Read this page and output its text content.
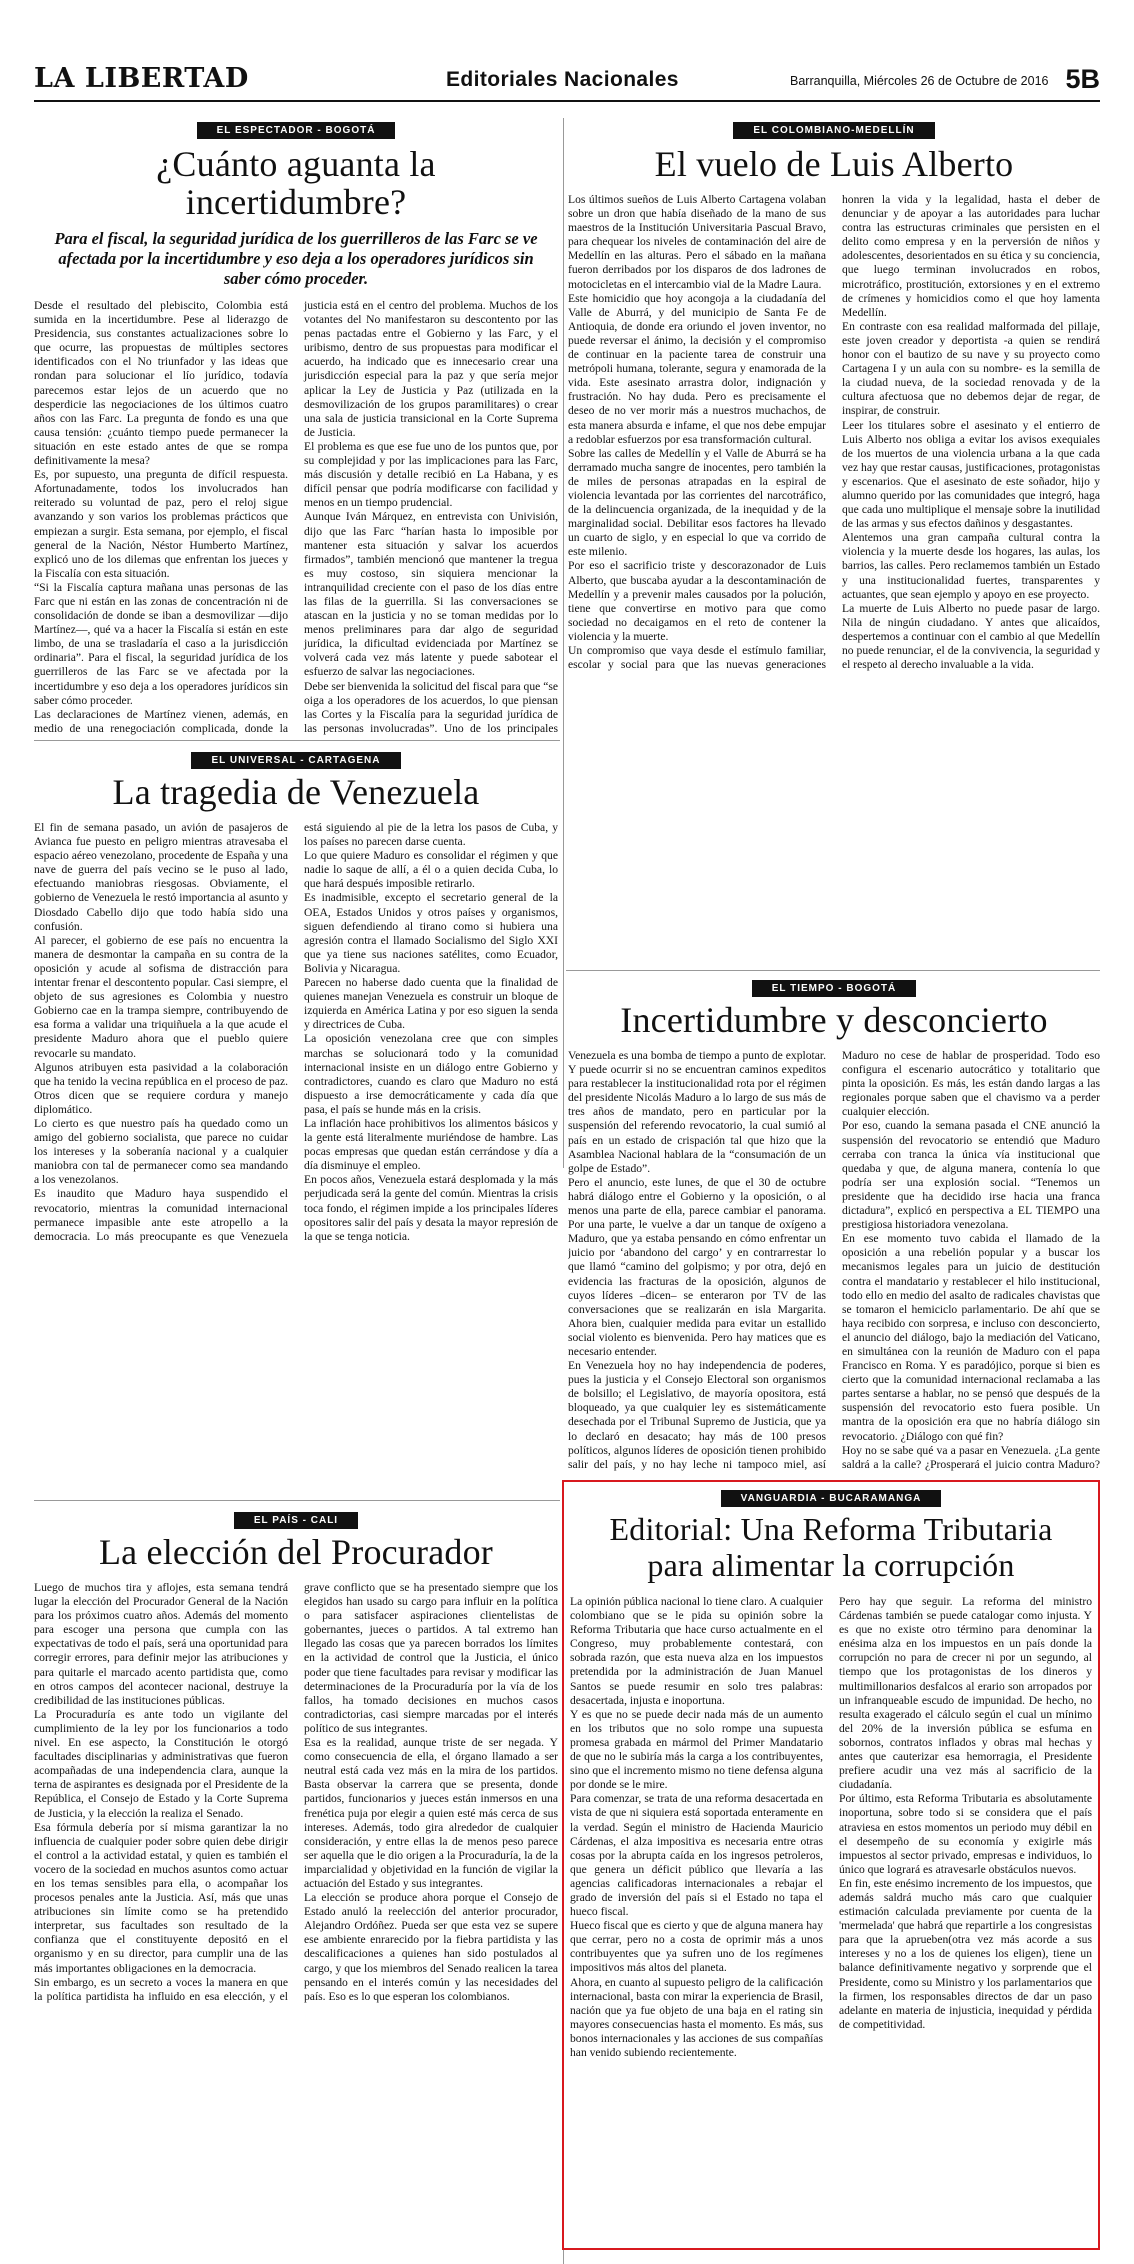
LA LIBERTAD	Editoriales Nacionales	Barranquilla, Miércoles 26 de Octubre de 2016 5B
EL ESPECTADOR - BOGOTÁ
¿Cuánto aguanta la incertidumbre?
Para el fiscal, la seguridad jurídica de los guerrilleros de las Farc se ve afectada por la incertidumbre y eso deja a los operadores jurídicos sin saber cómo proceder.

Desde el resultado del plebiscito, Colombia está sumida en la incertidumbre. Pese al liderazgo de Presidencia, sus constantes actualizaciones sobre lo que ocurre, las propuestas de múltiples sectores identificados con el No triunfador y las ideas que rondan para solucionar el lío jurídico, todavía parecemos estar lejos de un acuerdo que no desperdicie las negociaciones de los últimos cuatro años con las Farc. La pregunta de fondo es una que causa tensión: ¿cuánto tiempo puede permanecer la situación en este estado antes de que se rompa definitivamente la mesa?

Es, por supuesto, una pregunta de difícil respuesta. Afortunadamente, todos los involucrados han reiterado su voluntad de paz, pero el reloj sigue avanzando y son varios los problemas prácticos que empiezan a surgir. Esta semana, por ejemplo, el fiscal general de la Nación, Néstor Humberto Martínez, explicó uno de los dilemas que enfrentan los jueces y la Fiscalía con esta situación.

“Si la Fiscalía captura mañana unas personas de las Farc que ni están en las zonas de concentración ni de consolidación de donde se iban a desmovilizar —dijo Martínez—, qué va a hacer la Fiscalía si están en este limbo, de una se trasladaría el caso a la jurisdicción ordinaria”. Para el fiscal, la seguridad jurídica de los guerrilleros de las Farc se ve afectada por la incertidumbre y eso deja a los operadores jurídicos sin saber cómo proceder.

Las declaraciones de Martínez vienen, además, en medio de una renegociación complicada, donde la justicia está en el centro del problema. Muchos de los votantes del No manifestaron su descontento por las penas pactadas entre el Gobierno y las Farc, y el uribismo, dentro de sus propuestas para modificar el acuerdo, ha indicado que es innecesario crear una jurisdicción especial para la paz y que sería mejor aplicar la Ley de Justicia y Paz (utilizada en la desmovilización de los grupos paramilitares) o crear una sala de justicia transicional en la Corte Suprema de Justicia.

El problema es que ese fue uno de los puntos que, por su complejidad y por las implicaciones para las Farc, más discusión y detalle recibió en La Habana, y es difícil pensar que podría modificarse con facilidad y menos en un tiempo prudencial.

Aunque Iván Márquez, en entrevista con Univisión, dijo que las Farc “harían hasta lo imposible por mantener esta situación y salvar los acuerdos firmados”, también mencionó que mantener la tregua es muy costoso, sin siquiera mencionar la intranquilidad creciente con el paso de los días entre las filas de la guerrilla. Si las conversaciones se atascan en la justicia y no se toman medidas por lo menos preliminares para dar algo de seguridad jurídica, la dificultad evidenciada por Martínez se volverá cada vez más latente y puede sabotear el esfuerzo de salvar las negociaciones.

Debe ser bienvenida la solicitud del fiscal para que “se oiga a los operadores de los acuerdos, lo que piensan las Cortes y la Fiscalía para la seguridad jurídica de las personas involucradas”. Uno de los principales

EL COLOMBIANO-MEDELLÍN
El vuelo de Luis Alberto

Los últimos sueños de Luis Alberto Cartagena volaban sobre un dron que había diseñado de la mano de sus maestros de la Institución Universitaria Pascual Bravo, para chequear los niveles de contaminación del aire de Medellín en las alturas. Pero el sábado en la mañana fueron derribados por los disparos de dos ladrones de motocicletas en el intercambio vial de la Madre Laura.

Este homicidio que hoy acongoja a la ciudadanía del Valle de Aburrá, y del municipio de Santa Fe de Antioquia, de donde era oriundo el joven inventor, no puede reversar el ánimo, la decisión y el compromiso de continuar en la paciente tarea de construir una metrópoli humana, tolerante, segura y enamorada de la vida. Este asesinato arrastra dolor, indignación y frustración. No hay duda. Pero es precisamente el deseo de no ver morir más a nuestros muchachos, de esta manera absurda e infame, el que nos debe empujar a redoblar esfuerzos por esa transformación cultural.

Sobre las calles de Medellín y el Valle de Aburrá se ha derramado mucha sangre de inocentes, pero también la de miles de personas atrapadas en la espiral de violencia levantada por las corrientes del narcotráfico, de la delincuencia organizada, de la inequidad y de la marginalidad social. Debilitar esos factores ha llevado un cuarto de siglo, y en especial lo que va corrido de este milenio.

Por eso el sacrificio triste y descorazonador de Luis Alberto, que buscaba ayudar a la descontaminación de Medellín y a prevenir males causados por la polución, tiene que convertirse en motivo para que como sociedad no decaigamos en el reto de contener la violencia y la muerte.

Un compromiso que vaya desde el estímulo familiar, escolar y social para que las nuevas generaciones honren la vida y la legalidad, hasta el deber de denunciar y de apoyar a las autoridades para luchar contra las estructuras criminales que persisten en el delito como empresa y en la perversión de niños y adolescentes, desorientados en su ética y su conciencia, que luego terminan involucrados en robos, microtráfico, prostitución, extorsiones y en el extremo de crímenes y homicidios como el que hoy lamenta Medellín.

En contraste con esa realidad malformada del pillaje, este joven creador y deportista -a quien se rendirá honor con el bautizo de su nave y su proyecto como Cartagena I y un aula con su nombre- es la semilla de la ciudad nueva, de la sociedad renovada y de la cultura afectuosa que no debemos dejar de regar, de inspirar, de construir.

Leer los titulares sobre el asesinato y el entierro de Luis Alberto nos obliga a evitar los avisos exequiales de los muertos de una violencia urbana a la que cada vez hay que restar causas, justificaciones, protagonistas y escenarios. Que el asesinato de este soñador, hijo y alumno querido por las comunidades que integró, haga que cada uno multiplique el mensaje sobre la inutilidad de las armas y sus efectos dañinos y desgastantes.

Alentemos una gran campaña cultural contra la violencia y la muerte desde los hogares, las aulas, los barrios, las calles. Pero reclamemos también un Estado y una institucionalidad fuertes, transparentes y actuantes, que sean ejemplo y apoyo en ese proyecto.

La muerte de Luis Alberto no puede pasar de largo. Nila de ningún ciudadano. Y antes que alicaídos, despertemos a continuar con el cambio al que Medellín no puede renunciar, el de la convivencia, la seguridad y el respeto al derecho invaluable a la vida.

EL TIEMPO - BOGOTÁ
Incertidumbre y desconcierto

Venezuela es una bomba de tiempo a punto de explotar. Y puede ocurrir si no se encuentran caminos expeditos para restablecer la institucionalidad rota por el régimen del presidente Nicolás Maduro a lo largo de sus más de tres años de mandato, pero en particular por la suspensión del referendo revocatorio, la cual sumió al país en un estado de crispación tal que hizo que la Asamblea Nacional hablara de la “consumación de un golpe de Estado”.

Pero el anuncio, este lunes, de que el 30 de octubre habrá diálogo entre el Gobierno y la oposición, o al menos una parte de ella, parece cambiar el panorama. Por una parte, le vuelve a dar un tanque de oxígeno a Maduro, que ya estaba pensando en cómo enfrentar un juicio por ‘abandono del cargo’ y en contrarrestar lo que llamó “camino del golpismo; y por otra, dejó en evidencia las fracturas de la oposición, algunos de cuyos líderes –dicen– se enteraron por TV de las conversaciones que se realizarán en isla Margarita. Ahora bien, cualquier medida para evitar un estallido social violento es bienvenida. Pero hay matices que es necesario entender.

En Venezuela hoy no hay independencia de poderes, pues la justicia y el Consejo Electoral son organismos de bolsillo; el Legislativo, de mayoría opositora, está bloqueado, ya que cualquier ley es sistemáticamente desechada por el Tribunal Supremo de Justicia, que ya lo declaró en desacato; hay más de 100 presos políticos, algunos líderes de oposición tienen prohibido salir del país, y no hay leche ni tampoco miel, así Maduro no cese de hablar de prosperidad. Todo eso configura el escenario autocrático y totalitario que pinta la oposición. Es más, les están dando largas a las regionales porque saben que el chavismo va a perder cualquier elección.

Por eso, cuando la semana pasada el CNE anunció la suspensión del revocatorio se entendió que Maduro cerraba con tranca la única vía institucional que quedaba y que, de alguna manera, contenía lo que podría ser una explosión social. “Tenemos un presidente que ha decidido irse hacia una franca dictadura”, explicó en perspectiva a EL TIEMPO una prestigiosa historiadora venezolana.

En ese momento tuvo cabida el llamado de la oposición a una rebelión popular y a buscar los mecanismos legales para un juicio de destitución contra el mandatario y restablecer el hilo institucional, todo ello en medio del asalto de radicales chavistas que se tomaron el hemiciclo parlamentario. De ahí que se haya recibido con sorpresa, e incluso con desconcierto, el anuncio del diálogo, bajo la mediación del Vaticano, en simultánea con la reunión de Maduro con el papa Francisco en Roma. Y es paradójico, porque si bien es cierto que la comunidad internacional reclamaba a las partes sentarse a hablar, no se pensó que después de la suspensión del revocatorio esto fuera posible. Un mantra de la oposición era que no habría diálogo sin revocatorio. ¿Diálogo con qué fin?

Hoy no se sabe qué va a pasar en Venezuela. ¿La gente saldrá a la calle? ¿Prosperará el juicio contra Maduro?

EL UNIVERSAL - CARTAGENA
La tragedia de Venezuela

El fin de semana pasado, un avión de pasajeros de Avianca fue puesto en peligro mientras atravesaba el espacio aéreo venezolano, procedente de España y una nave de guerra del país vecino se le puso al lado, efectuando maniobras riesgosas. Obviamente, el gobierno de Venezuela le restó importancia al asunto y Diosdado Cabello dijo que todo había sido una confusión.

Al parecer, el gobierno de ese país no encuentra la manera de desmontar la campaña en su contra de la oposición y acude al sofisma de distracción para intentar frenar el descontento popular. Casi siempre, el objeto de sus agresiones es Colombia y nuestro Gobierno cae en la trampa siempre, contribuyendo de esa forma a validar una triquiñuela a la que acude el presidente Maduro ahora que el pueblo quiere revocarle su mandato.

Algunos atribuyen esta pasividad a la colaboración que ha tenido la vecina república en el proceso de paz. Otros dicen que se requiere cordura y manejo diplomático.

Lo cierto es que nuestro país ha quedado como un amigo del gobierno socialista, que parece no cuidar los intereses y la soberanía nacional y a cualquier maniobra con tal de permanecer como sea mandando a los venezolanos.

Es inaudito que Maduro haya suspendido el revocatorio, mientras la comunidad internacional permanece impasible ante este atropello a la democracia. Lo más preocupante es que Venezuela está siguiendo al pie de la letra los pasos de Cuba, y los países no parecen darse cuenta.

Lo que quiere Maduro es consolidar el régimen y que nadie lo saque de allí, a él o a quien decida Cuba, lo que hará después imposible retirarlo.

Es inadmisible, excepto el secretario general de la OEA, Estados Unidos y otros países y organismos, siguen defendiendo al tirano como si hubiera una agresión contra el llamado Socialismo del Siglo XXI que ya tiene sus naciones satélites, como Ecuador, Bolivia y Nicaragua.

Parecen no haberse dado cuenta que la finalidad de quienes manejan Venezuela es construir un bloque de izquierda en América Latina y por eso siguen la senda y directrices de Cuba.

La oposición venezolana cree que con simples marchas se solucionará todo y la comunidad internacional insiste en un diálogo entre Gobierno y contradictores, cuando es claro que Maduro no está dispuesto a irse democráticamente y cada día que pasa, el país se hunde más en la crisis.

La inflación hace prohibitivos los alimentos básicos y la gente está literalmente muriéndose de hambre. Las pocas empresas que quedan están cerrándose y día a día disminuye el empleo.

En pocos años, Venezuela estará desplomada y la más perjudicada será la gente del común. Mientras la crisis toca fondo, el régimen impide a los principales líderes opositores salir del país y desata la mayor represión de la que se tenga noticia.

EL PAÍS - CALI
La elección del Procurador

Luego de muchos tira y aflojes, esta semana tendrá lugar la elección del Procurador General de la Nación para los próximos cuatro años. Además del momento para escoger una persona que cumpla con las expectativas de todo el país, será una oportunidad para corregir errores, para definir mejor las atribuciones y para quitarle el marcado acento partidista que, como en otros campos del acontecer nacional, destruye la credibilidad de las instituciones públicas.

La Procuraduría es ante todo un vigilante del cumplimiento de la ley por los funcionarios a todo nivel. En ese aspecto, la Constitución le otorgó facultades disciplinarias y administrativas que fueron acompañadas de una independencia clara, aunque la terna de aspirantes es designada por el Presidente de la República, el Consejo de Estado y la Corte Suprema de Justicia, y la elección la realiza el Senado.

Esa fórmula debería por sí misma garantizar la no influencia de cualquier poder sobre quien debe dirigir el control a la actividad estatal, y quien es también el vocero de la sociedad en muchos asuntos como actuar en los temas sensibles para ella, o acompañar los procesos penales ante la Justicia. Así, más que unas atribuciones sin límite como se ha pretendido interpretar, sus facultades son resultado de la confianza que el constituyente depositó en el organismo y en su director, para cumplir una de las más importantes obligaciones en la democracia.

Sin embargo, es un secreto a voces la manera en que la política partidista ha influido en esa elección, y el grave conflicto que se ha presentado siempre que los elegidos han usado su cargo para influir en la política o para satisfacer aspiraciones clientelistas de gobernantes, jueces o partidos. A tal extremo han llegado las cosas que ya parecen borrados los límites en la actividad de control que la Justicia, el único poder que tiene facultades para revisar y modificar las determinaciones de la Procuraduría por la vía de los fallos, ha tomado decisiones en muchos casos contradictorias, casi siempre marcadas por el interés político de sus integrantes.

Esa es la realidad, aunque triste de ser negada. Y como consecuencia de ella, el órgano llamado a ser neutral está cada vez más en la mira de los partidos. Basta observar la carrera que se presenta, donde partidos, funcionarios y jueces están inmersos en una frenética puja por elegir a quien esté más cerca de sus intereses. Además, todo gira alrededor de cualquier consideración, y entre ellas la de menos peso parece ser aquella que le dio origen a la Procuraduría, la de la imparcialidad y objetividad en la función de vigilar la actuación del Estado y sus integrantes.

La elección se produce ahora porque el Consejo de Estado anuló la reelección del anterior procurador, Alejandro Ordóñez. Pueda ser que esta vez se supere ese ambiente enrarecido por la fiebra partidista y las descalificaciones a quienes han sido postulados al cargo, y que los miembros del Senado realicen la tarea pensando en el interés común y las necesidades del país. Eso es lo que esperan los colombianos.

VANGUARDIA - BUCARAMANGA
Editorial: Una Reforma Tributaria para alimentar la corrupción

La opinión pública nacional lo tiene claro. A cualquier colombiano que se le pida su opinión sobre la Reforma Tributaria que hace curso actualmente en el Congreso, muy probablemente contestará, con sobrada razón, que esta nueva alza en los impuestos pretendida por la administración de Juan Manuel Santos se puede resumir en solo tres palabras: desacertada, injusta e inoportuna.

Y es que no se puede decir nada más de un aumento en los tributos que no solo rompe una supuesta promesa grabada en mármol del Primer Mandatario de que no le subiría más la carga a los contribuyentes, sino que el incremento mismo no tiene defensa alguna por donde se le mire.

Para comenzar, se trata de una reforma desacertada en vista de que ni siquiera está soportada enteramente en la verdad. Según el ministro de Hacienda Mauricio Cárdenas, el alza impositiva es necesaria entre otras cosas por la abrupta caída en los ingresos petroleros, que genera un déficit público que llevaría a las agencias calificadoras internacionales a rebajar el grado de inversión del país si el Estado no tapa el hueco fiscal.

Hueco fiscal que es cierto y que de alguna manera hay que cerrar, pero no a costa de oprimir más a unos contribuyentes que ya sufren uno de los regímenes impositivos más altos del planeta.

Ahora, en cuanto al supuesto peligro de la calificación internacional, basta con mirar la experiencia de Brasil, nación que ya fue objeto de una baja en el rating sin mayores consecuencias hasta el momento. Es más, sus bonos internacionales y las acciones de sus compañías han venido subiendo recientemente.

Pero hay que seguir. La reforma del ministro Cárdenas también se puede catalogar como injusta. Y es que no existe otro término para denominar la enésima alza en los impuestos en un país donde la corrupción no para de crecer ni por un segundo, al tiempo que los protagonistas de los dineros y multimillonarios desfalcos al erario son arropados por un infranqueable escudo de impunidad. De hecho, no resulta exagerado el cálculo según el cual un mínimo del 20% de la inversión pública se esfuma en sobornos, contratos inflados y obras mal hechas y antes que cauterizar esa hemorragia, el Presidente prefiere acudir una vez más al sacrificio de la ciudadanía.

Por último, esta Reforma Tributaria es absolutamente inoportuna, sobre todo si se considera que el país atraviesa en estos momentos un periodo muy débil en el desempeño de su economía y exigirle más impuestos al sector privado, empresas e individuos, lo único que logrará es atravesarle obstáculos nuevos.

En fin, este enésimo incremento de los impuestos, que además saldrá mucho más caro que cualquier estimación calculada previamente por cuenta de la 'mermelada' que habrá que repartirle a los congresistas para que la aprueben(otra vez más acorde a sus intereses y no a los de quienes los eligen), tiene un balance definitivamente negativo y sorprende que el Presidente, como su Ministro y los parlamentarios que la firmen, los responsables directos de dar un paso adelante en materia de injusticia, inequidad y pérdida de competitividad.
